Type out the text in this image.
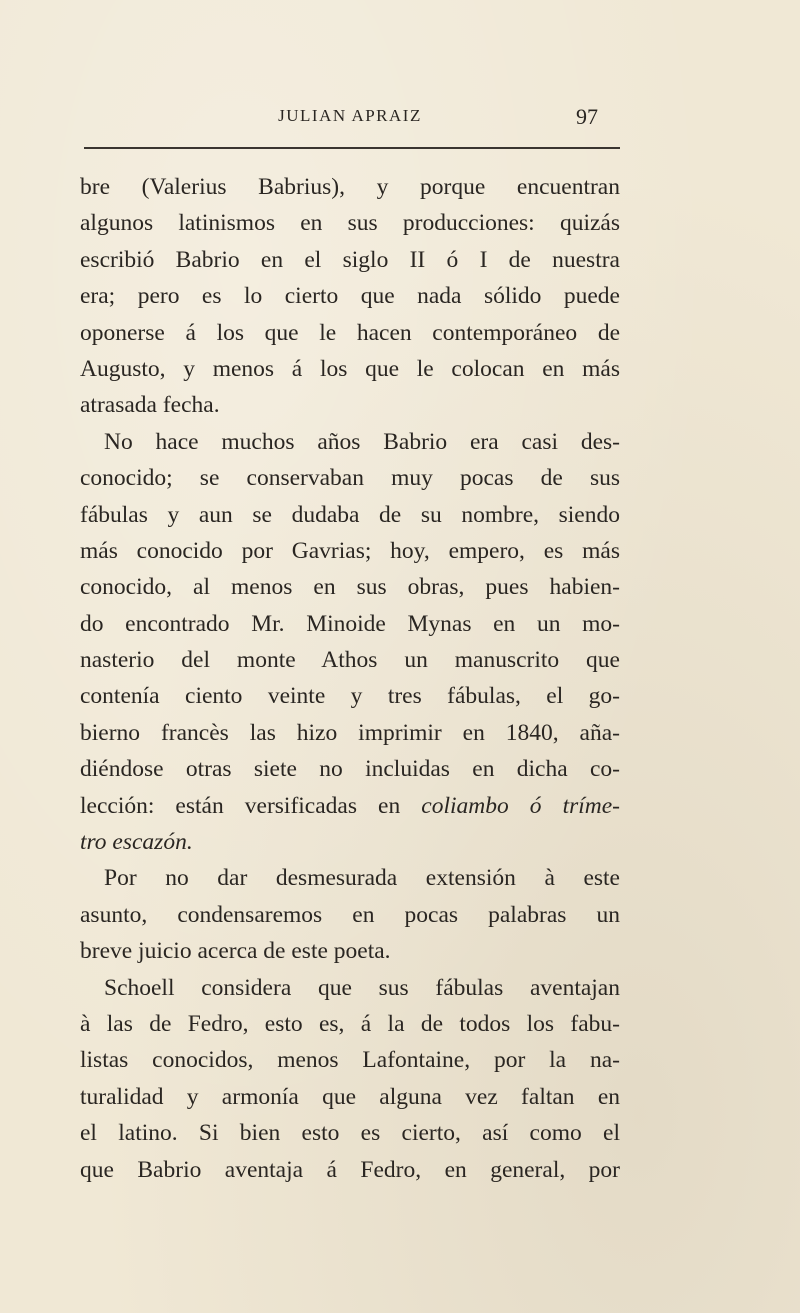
JULIAN APRAIZ	97
bre (Valerius Babrius), y porque encuentran
algunos latinismos en sus producciones: quizás
escribió Babrio en el siglo II ó I de nuestra
era; pero es lo cierto que nada sólido puede
oponerse á los que le hacen contemporáneo de
Augusto, y menos á los que le colocan en más
atrasada fecha.
No hace muchos años Babrio era casi des-
conocido; se conservaban muy pocas de sus
fábulas y aun se dudaba de su nombre, siendo
más conocido por Gavrias; hoy, empero, es más
conocido, al menos en sus obras, pues habien-
do encontrado Mr. Minoide Mynas en un mo-
nasterio del monte Athos un manuscrito que
contenía ciento veinte y tres fábulas, el go-
bierno francès las hizo imprimir en 1840, aña-
diéndose otras siete no incluidas en dicha co-
lección: están versificadas en coliambo ó tríme-
tro escazón.
Por no dar desmesurada extensión à este
asunto, condensaremos en pocas palabras un
breve juicio acerca de este poeta.
Schoell considera que sus fábulas aventajan
à las de Fedro, esto es, á la de todos los fabu-
listas conocidos, menos Lafontaine, por la na-
turalidad y armonía que alguna vez faltan en
el latino. Si bien esto es cierto, así como el
que Babrio aventaja á Fedro, en general, por
